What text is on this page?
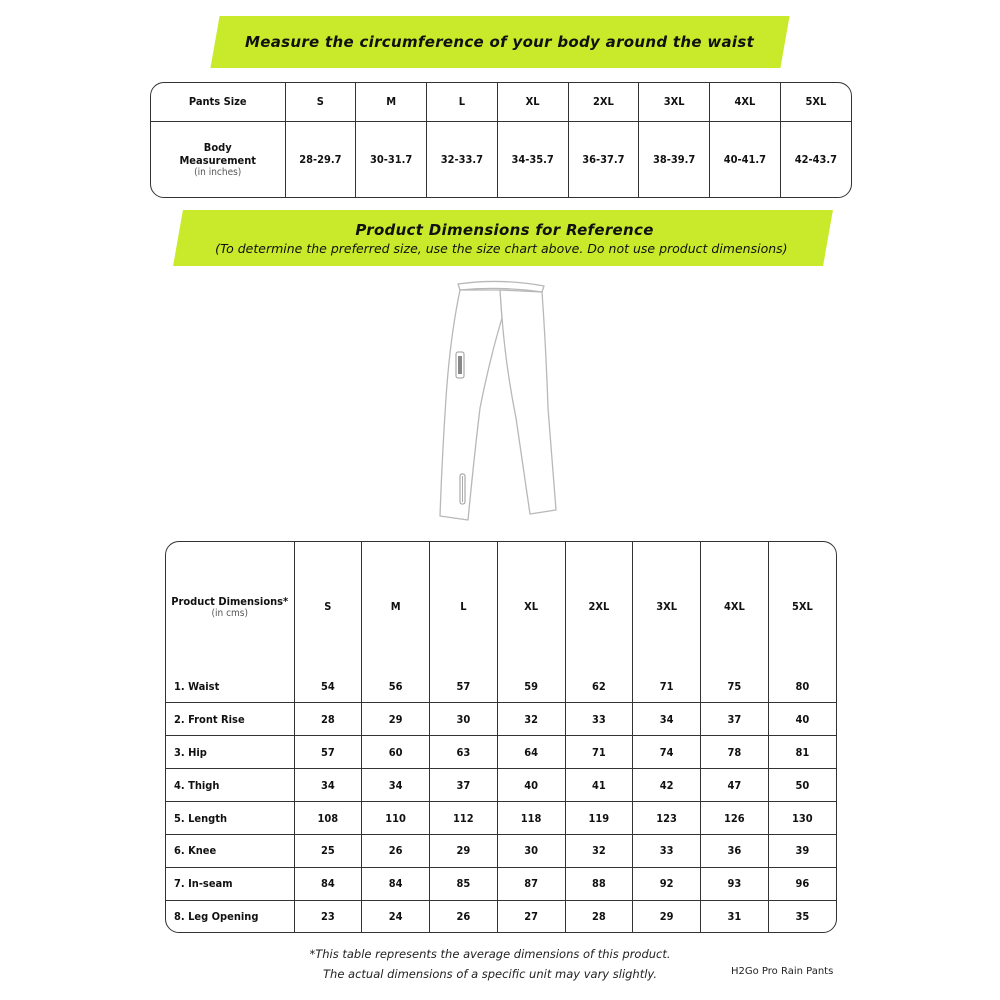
Measure the circumference of your body around the waist
Pants Size	S	M	L	XL	2XL	3XL	4XL	5XL

Body
Measurement
(in inches)	28-29.7	30-31.7	32-33.7	34-35.7	36-37.7	38-39.7	40-41.7	42-43.7
Product Dimensions for Reference
(To determine the preferred size, use the size chart above. Do not use product dimensions)
Product Dimensions*
(in cms)	S	M	L	XL	2XL	3XL	4XL	5XL
1. Waist	54	56	57	59	62	71	75	80
2. Front Rise	28	29	30	32	33	34	37	40
3. Hip	57	60	63	64	71	74	78	81
4. Thigh	34	34	37	40	41	42	47	50
5. Length	108	110	112	118	119	123	126	130
6. Knee	25	26	29	30	32	33	36	39
7. In-seam	84	84	85	87	88	92	93	96
8. Leg Opening	23	24	26	27	28	29	31	35
*This table represents the average dimensions of this product.
The actual dimensions of a specific unit may vary slightly.	H2Go Pro Rain Pants
